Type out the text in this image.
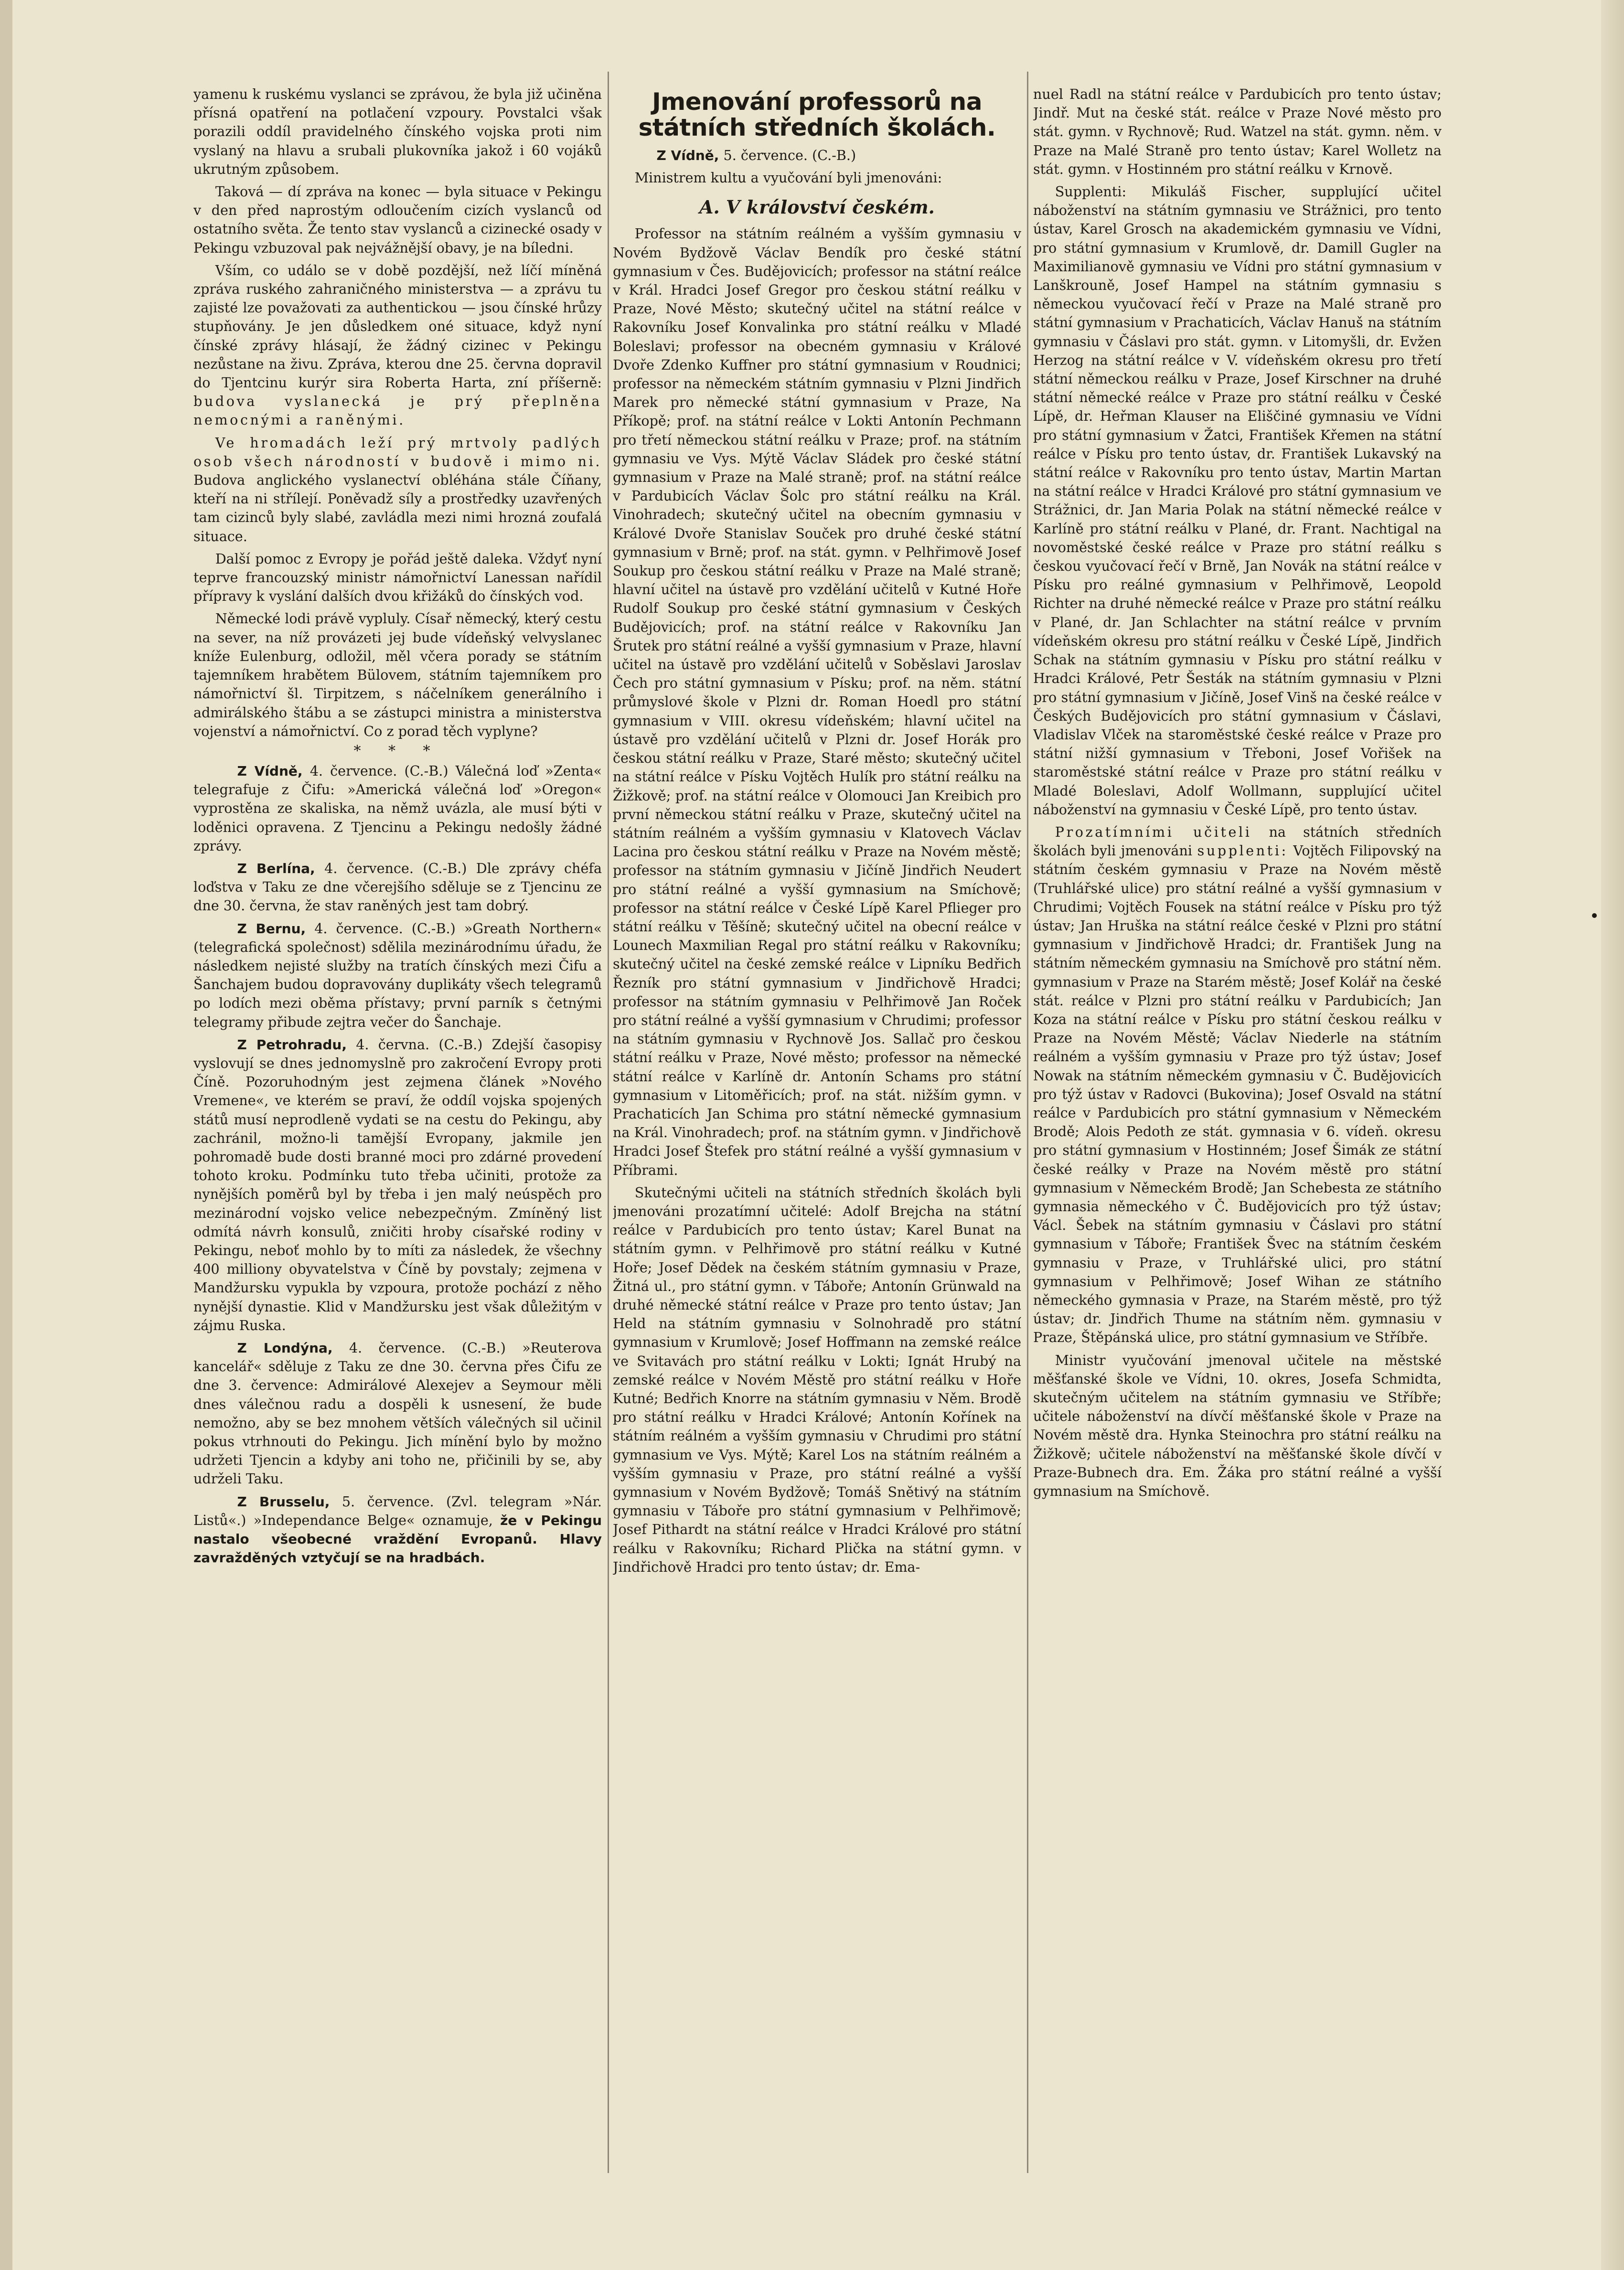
yamenu k ruskému vyslanci se zprávou, že byla již učiněna přísná opatření na potlačení vzpoury. Povstalci však porazili oddíl pravidelného čínského vojska proti nim vyslaný na hlavu a srubali plukovníka jakož i 60 vojáků ukrutným způsobem.

Taková — dí zpráva na konec — byla situace v Pekingu v den před naprostým odloučením cizích vyslanců od ostatního světa. Že tento stav vyslanců a cizinecké osady v Pekingu vzbuzoval pak nejvážnější obavy, je na bíledni.

Vším, co událo se v době pozdější, než líčí míněná zpráva ruského zahraničného ministerstva — a zprávu tu zajisté lze považovati za authentickou — jsou čínské hrůzy stupňovány. Je jen důsledkem oné situace, když nyní čínské zprávy hlásají, že žádný cizinec v Pekingu nezůstane na živu. Zpráva, kterou dne 25. června dopravil do Tjentcinu kurýr sira Roberta Harta, zní příšerně: budova vyslanecká je prý přeplněna nemocnými a raněnými.

Ve hromadách leží prý mrtvoly padlých osob všech národností v budově i mimo ni. Budova anglického vyslanectví obléhána stále Číňany, kteří na ni střílejí. Poněvadž síly a prostředky uzavřených tam cizinců byly slabé, zavládla mezi nimi hrozná zoufalá situace.

Další pomoc z Evropy je pořád ještě daleka. Vždyť nyní teprve francouzský ministr námořnictví Lanessan nařídil přípravy k vyslání dalších dvou křižáků do čínských vod.

Německé lodi právě vypluly. Císař německý, který cestu na sever, na níž provázeti jej bude vídeňský velvyslanec kníže Eulenburg, odložil, měl včera porady se státním tajemníkem hrabětem Bülovem, státním tajemníkem pro námořnictví šl. Tirpitzem, s náčelníkem generálního i admirálského štábu a se zástupci ministra a ministerstva vojenství a námořnictví. Co z porad těch vyplyne?

* * *

Z Vídně, 4. července. (C.-B.) Válečná loď »Zenta« telegrafuje z Čifu: »Americká válečná loď »Oregon« vyprostěna ze skaliska, na němž uvázla, ale musí býti v loděnici opravena. Z Tjencinu a Pekingu nedošly žádné zprávy.

Z Berlína, 4. července. (C.-B.) Dle zprávy chéfa loďstva v Taku ze dne včerejšího sděluje se z Tjencinu ze dne 30. června, že stav raněných jest tam dobrý.

Z Bernu, 4. července. (C.-B.) »Greath Northern« (telegrafická společnost) sdělila mezinárodnímu úřadu, že následkem nejisté služby na tratích čínských mezi Čifu a Šanchajem budou dopravovány duplikáty všech telegramů po lodích mezi oběma přístavy; první parník s četnými telegramy přibude zejtra večer do Šanchaje.

Z Petrohradu, 4. června. (C.-B.) Zdejší časopisy vyslovují se dnes jednomyslně pro zakročení Evropy proti Číně. Pozoruhodným jest zejmena článek »Nového Vremene«, ve kterém se praví, že oddíl vojska spojených států musí neprodleně vydati se na cestu do Pekingu, aby zachránil, možno-li tamější Evropany, jakmile jen pohromadě bude dosti branné moci pro zdárné provedení tohoto kroku. Podmínku tuto třeba učiniti, protože za nynějších poměrů byl by třeba i jen malý neúspěch pro mezinárodní vojsko velice nebezpečným. Zmíněný list odmítá návrh konsulů, zničiti hroby císařské rodiny v Pekingu, neboť mohlo by to míti za následek, že všechny 400 milliony obyvatelstva v Číně by povstaly; zejmena v Mandžursku vypukla by vzpoura, protože pochází z něho nynější dynastie. Klid v Mandžursku jest však důležitým v zájmu Ruska.

Z Londýna, 4. července. (C.-B.) »Reuterova kancelář« sděluje z Taku ze dne 30. června přes Čifu ze dne 3. července: Admirálové Alexejev a Seymour měli dnes válečnou radu a dospěli k usnesení, že bude nemožno, aby se bez mnohem větších válečných sil učinil pokus vtrhnouti do Pekingu. Jich mínění bylo by možno udržeti Tjencin a kdyby ani toho ne, přičinili by se, aby udrželi Taku.

Z Brusselu, 5. července. (Zvl. telegram »Nár. Listů«.) »Independance Belge« oznamuje, že v Pekingu nastalo všeobecné vraždění Evropanů. Hlavy zavražděných vztyčují se na hradbách.

Jmenování professorů na státních středních školách.

Z Vídně, 5. července. (C.-B.)

Ministrem kultu a vyučování byli jmenováni:

A. V království českém.

Professor na státním reálném a vyšším gymnasiu v Novém Bydžově Václav Bendík pro české státní gymnasium v Čes. Budějovicích; professor na státní reálce v Král. Hradci Josef Gregor pro českou státní reálku v Praze, Nové Město; skutečný učitel na státní reálce v Rakovníku Josef Konvalinka pro státní reálku v Mladé Boleslavi; professor na obecném gymnasiu v Králové Dvoře Zdenko Kuffner pro státní gymnasium v Roudnici; professor na německém státním gymnasiu v Plzni Jindřich Marek pro německé státní gymnasium v Praze, Na Příkopě; prof. na státní reálce v Lokti Antonín Pechmann pro třetí německou státní reálku v Praze; prof. na státním gymnasiu ve Vys. Mýtě Václav Sládek pro české státní gymnasium v Praze na Malé straně; prof. na státní reálce v Pardubicích Václav Šolc pro státní reálku na Král. Vinohradech; skutečný učitel na obecním gymnasiu v Králové Dvoře Stanislav Souček pro druhé české státní gymnasium v Brně; prof. na stát. gymn. v Pelhřimově Josef Soukup pro českou státní reálku v Praze na Malé straně; hlavní učitel na ústavě pro vzdělání učitelů v Kutné Hoře Rudolf Soukup pro české státní gymnasium v Českých Budějovicích; prof. na státní reálce v Rakovníku Jan Šrutek pro státní reálné a vyšší gymnasium v Praze, hlavní učitel na ústavě pro vzdělání učitelů v Soběslavi Jaroslav Čech pro státní gymnasium v Písku; prof. na něm. státní průmyslové škole v Plzni dr. Roman Hoedl pro státní gymnasium v VIII. okresu vídeňském; hlavní učitel na ústavě pro vzdělání učitelů v Plzni dr. Josef Horák pro českou státní reálku v Praze, Staré město; skutečný učitel na státní reálce v Písku Vojtěch Hulík pro státní reálku na Žižkově; prof. na státní reálce v Olomouci Jan Kreibich pro první německou státní reálku v Praze, skutečný učitel na státním reálném a vyšším gymnasiu v Klatovech Václav Lacina pro českou státní reálku v Praze na Novém městě; professor na státním gymnasiu v Jičíně Jindřich Neudert pro státní reálné a vyšší gymnasium na Smíchově; professor na státní reálce v České Lípě Karel Pflieger pro státní reálku v Těšíně; skutečný učitel na obecní reálce v Lounech Maxmilian Regal pro státní reálku v Rakovníku; skutečný učitel na české zemské reálce v Lipníku Bedřich Řezník pro státní gymnasium v Jindřichově Hradci; professor na státním gymnasiu v Pelhřimově Jan Roček pro státní reálné a vyšší gymnasium v Chrudimi; professor na státním gymnasiu v Rychnově Jos. Sallač pro českou státní reálku v Praze, Nové město; professor na německé státní reálce v Karlíně dr. Antonín Schams pro státní gymnasium v Litoměřicích; prof. na stát. nižším gymn. v Prachaticích Jan Schima pro státní německé gymnasium na Král. Vinohradech; prof. na státním gymn. v Jindřichově Hradci Josef Štefek pro státní reálné a vyšší gymnasium v Příbrami.

Skutečnými učiteli na státních středních školách byli jmenováni prozatímní učitelé: Adolf Brejcha na státní reálce v Pardubicích pro tento ústav; Karel Bunat na státním gymn. v Pelhřimově pro státní reálku v Kutné Hoře; Josef Dědek na českém státním gymnasiu v Praze, Žitná ul., pro státní gymn. v Táboře; Antonín Grünwald na druhé německé státní reálce v Praze pro tento ústav; Jan Held na státním gymnasiu v Solnohradě pro státní gymnasium v Krumlově; Josef Hoffmann na zemské reálce ve Svitavách pro státní reálku v Lokti; Ignát Hrubý na zemské reálce v Novém Městě pro státní reálku v Hoře Kutné; Bedřich Knorre na státním gymnasiu v Něm. Brodě pro státní reálku v Hradci Králové; Antonín Kořínek na státním reálném a vyšším gymnasiu v Chrudimi pro státní gymnasium ve Vys. Mýtě; Karel Los na státním reálném a vyšším gymnasiu v Praze, pro státní reálné a vyšší gymnasium v Novém Bydžově; Tomáš Snětivý na státním gymnasiu v Táboře pro státní gymnasium v Pelhřimově; Josef Pithardt na státní reálce v Hradci Králové pro státní reálku v Rakovníku; Richard Plička na státní gymn. v Jindřichově Hradci pro tento ústav; dr. Ema-

nuel Radl na státní reálce v Pardubicích pro tento ústav; Jindř. Mut na české stát. reálce v Praze Nové město pro stát. gymn. v Rychnově; Rud. Watzel na stát. gymn. něm. v Praze na Malé Straně pro tento ústav; Karel Wolletz na stát. gymn. v Hostinném pro státní reálku v Krnově.

Supplenti: Mikuláš Fischer, supplující učitel náboženství na státním gymnasiu ve Strážnici, pro tento ústav, Karel Grosch na akademickém gymnasiu ve Vídni, pro státní gymnasium v Krumlově, dr. Damill Gugler na Maximilianově gymnasiu ve Vídni pro státní gymnasium v Lanškrouně, Josef Hampel na státním gymnasiu s německou vyučovací řečí v Praze na Malé straně pro státní gymnasium v Prachaticích, Václav Hanuš na státním gymnasiu v Čáslavi pro stát. gymn. v Litomyšli, dr. Evžen Herzog na státní reálce v V. vídeňském okresu pro třetí státní německou reálku v Praze, Josef Kirschner na druhé státní německé reálce v Praze pro státní reálku v České Lípě, dr. Heřman Klauser na Eliščiné gymnasiu ve Vídni pro státní gymnasium v Žatci, František Křemen na státní reálce v Písku pro tento ústav, dr. František Lukavský na státní reálce v Rakovníku pro tento ústav, Martin Martan na státní reálce v Hradci Králové pro státní gymnasium ve Strážnici, dr. Jan Maria Polak na státní německé reálce v Karlíně pro státní reálku v Plané, dr. Frant. Nachtigal na novoměstské české reálce v Praze pro státní reálku s českou vyučovací řečí v Brně, Jan Novák na státní reálce v Písku pro reálné gymnasium v Pelhřimově, Leopold Richter na druhé německé reálce v Praze pro státní reálku v Plané, dr. Jan Schlachter na státní reálce v prvním vídeňském okresu pro státní reálku v České Lípě, Jindřich Schak na státním gymnasiu v Písku pro státní reálku v Hradci Králové, Petr Šesták na státním gymnasiu v Plzni pro státní gymnasium v Jičíně, Josef Vinš na české reálce v Českých Budějovicích pro státní gymnasium v Čáslavi, Vladislav Vlček na staroměstské české reálce v Praze pro státní nižší gymnasium v Třeboni, Josef Vořišek na staroměstské státní reálce v Praze pro státní reálku v Mladé Boleslavi, Adolf Wollmann, supplující učitel náboženství na gymnasiu v České Lípě, pro tento ústav.

Prozatímními učiteli na státních středních školách byli jmenováni supplenti: Vojtěch Filipovský na státním českém gymnasiu v Praze na Novém městě (Truhlářské ulice) pro státní reálné a vyšší gymnasium v Chrudimi; Vojtěch Fousek na státní reálce v Písku pro týž ústav; Jan Hruška na státní reálce české v Plzni pro státní gymnasium v Jindřichově Hradci; dr. František Jung na státním německém gymnasiu na Smíchově pro státní něm. gymnasium v Praze na Starém městě; Josef Kolář na české stát. reálce v Plzni pro státní reálku v Pardubicích; Jan Koza na státní reálce v Písku pro státní českou reálku v Praze na Novém Městě; Václav Niederle na státním reálném a vyšším gymnasiu v Praze pro týž ústav; Josef Nowak na státním německém gymnasiu v Č. Budějovicích pro týž ústav v Radovci (Bukovina); Josef Osvald na státní reálce v Pardubicích pro státní gymnasium v Německém Brodě; Alois Pedoth ze stát. gymnasia v 6. vídeň. okresu pro státní gymnasium v Hostinném; Josef Šimák ze státní české reálky v Praze na Novém městě pro státní gymnasium v Německém Brodě; Jan Schebesta ze státního gymnasia německého v Č. Budějovicích pro týž ústav; Václ. Šebek na státním gymnasiu v Čáslavi pro státní gymnasium v Táboře; František Švec na státním českém gymnasiu v Praze, v Truhlářské ulici, pro státní gymnasium v Pelhřimově; Josef Wihan ze státního německého gymnasia v Praze, na Starém městě, pro týž ústav; dr. Jindřich Thume na státním něm. gymnasiu v Praze, Štěpánská ulice, pro státní gymnasium ve Stříbře.

Ministr vyučování jmenoval učitele na městské měšťanské škole ve Vídni, 10. okres, Josefa Schmidta, skutečným učitelem na státním gymnasiu ve Stříbře; učitele náboženství na dívčí měšťanské škole v Praze na Novém městě dra. Hynka Steinochra pro státní reálku na Žižkově; učitele náboženství na měšťanské škole dívčí v Praze-Bubnech dra. Em. Žáka pro státní reálné a vyšší gymnasium na Smíchově.
